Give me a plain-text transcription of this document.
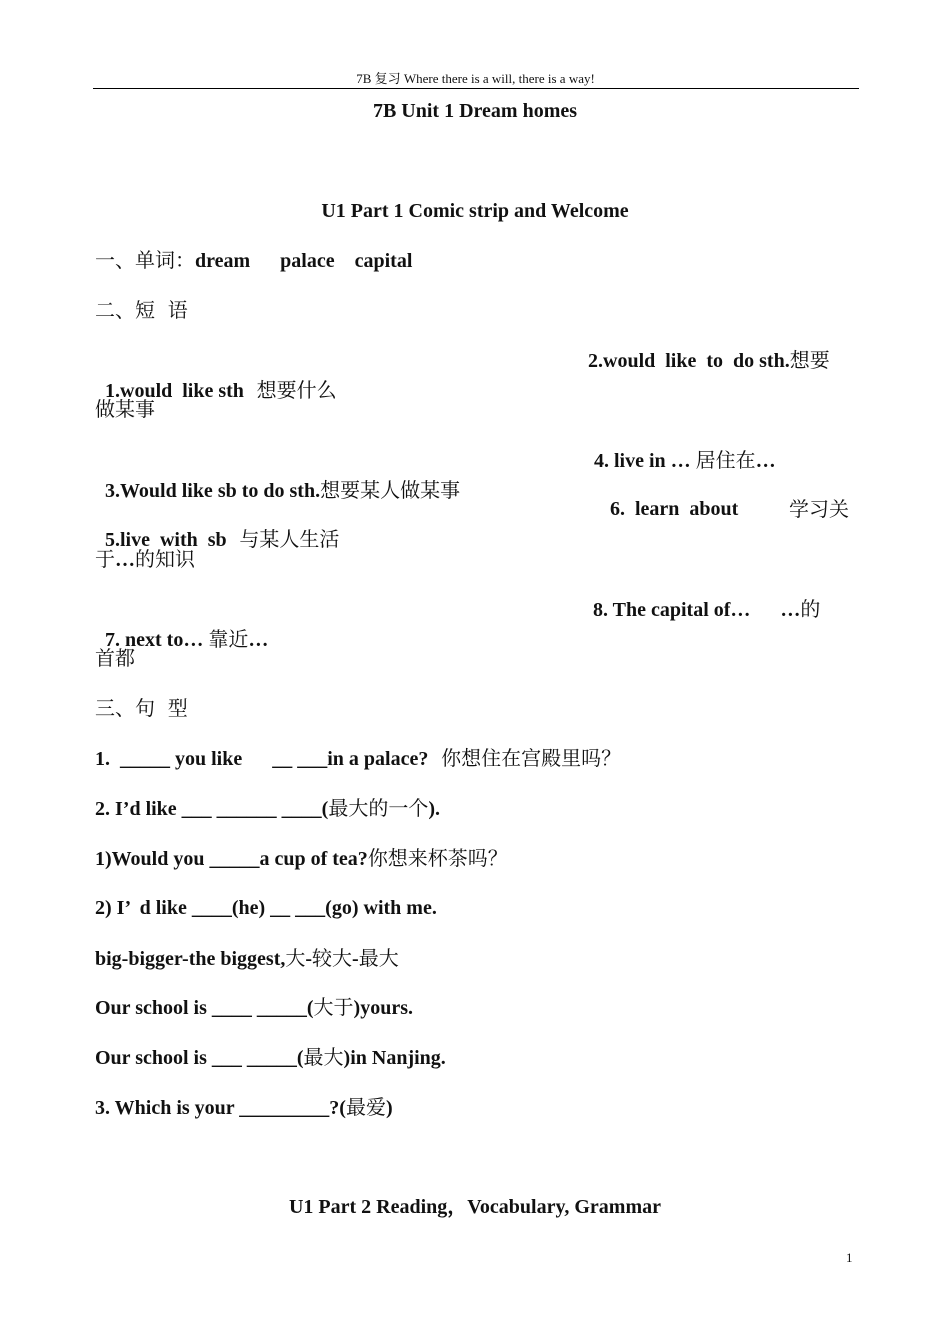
7B 复习 Where there is a will, there is a way!
7B Unit 1 Dream homes
U1 Part 1 Comic strip and Welcome
一、单词：dream      palace    capital
二、短  语

1.would  like sth  想要什么

2.would  like  to  do sth.想要

做某事

3.Would like sb to do sth.想要某人做某事

4. live in … 居住在…

5.live  with  sb  与某人生活

6.  learn  about

	学习关

于…的知识

7. next to… 靠近…

8. The capital of…      …的

首都
三、句  型
1.  _____ you like      __ ___in a palace?  你想住在宫殿里吗？
2. I’d like ___ ______ ____(最大的一个).
1)Would you _____a cup of tea?你想来杯茶吗？
2) I’  d like ____(he) __ ___(go) with me.
big-bigger-the biggest,大-较大-最大
Our school is ____ _____(大于)yours.
Our school is ___ _____(最大)in Nanjing.
3. Which is your _________?(最爱)
U1 Part 2 Reading，Vocabulary, Grammar
1
